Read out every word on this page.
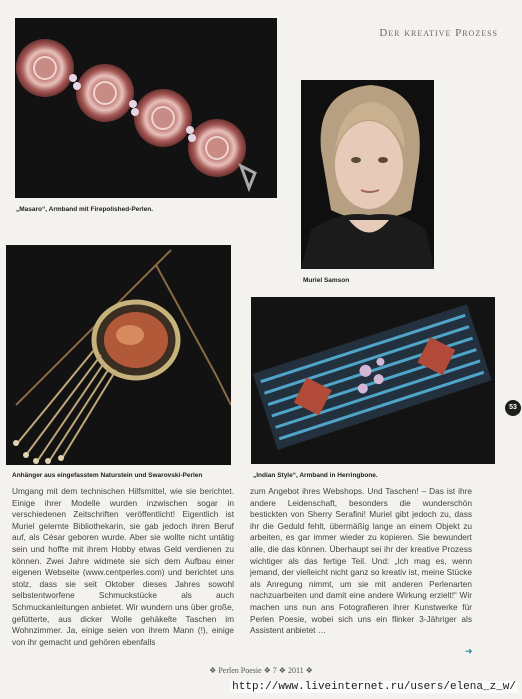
Der kreative Prozess
„Masaro“, Armband mit Firepolished-Perlen.
Muriel Samson
Anhänger aus eingefasstem Naturstein und Swarovski-Perlen	„Indian Style“, Armband in Herringbone.
Umgang mit dem technischen Hilfsmittel, wie sie berichtet. Einige ihrer Modelle wurden inzwischen sogar in verschiedenen Zeitschriften veröffentlicht! Eigentlich ist Muriel gelernte Bibliothekarin, sie gab jedoch ihren Beruf auf, als César geboren wurde. Aber sie wollte nicht untätig sein und hoffte mit ihrem Hobby etwas Geld verdienen zu können. Zwei Jahre widmete sie sich dem Aufbau einer eigenen Webseite (www.centperles.com) und berichtet uns stolz, dass sie seit Oktober dieses Jahres sowohl selbstentworfene Schmuckstücke als auch Schmuckanleitungen anbietet. Wir wundern uns über große, gefütterte, aus dicker Wolle gehäkelte Taschen im Wohnzimmer. Ja, einige seien von ihrem Mann (!), einige von ihr gemacht und gehören ebenfalls
zum Angebot ihres Webshops. Und Taschen! – Das ist ihre andere Leidenschaft, besonders die wunderschön bestickten von Sherry Serafini! Muriel gibt jedoch zu, dass ihr die Geduld fehlt, übermäßig lange an einem Objekt zu arbeiten, es gar immer wieder zu kopieren. Sie bewundert alle, die das können. Überhaupt sei ihr der kreative Prozess wichtiger als das fertige Teil. Und: „Ich mag es, wenn jemand, der vielleicht nicht ganz so kreativ ist, meine Stücke als Anregung nimmt, um sie mit anderen Perlenarten nachzuarbeiten und damit eine andere Wirkung erzielt!“ Wir machen uns nun ans Fotografieren ihrer Kunstwerke für Perlen Poesie, wobei sich uns ein flinker 3-Jähriger als Assistent anbietet …
➜
53
❖ Perlen Poesie ❖ 7 ❖ 2011 ❖
http://www.liveinternet.ru/users/elena_z_w/
